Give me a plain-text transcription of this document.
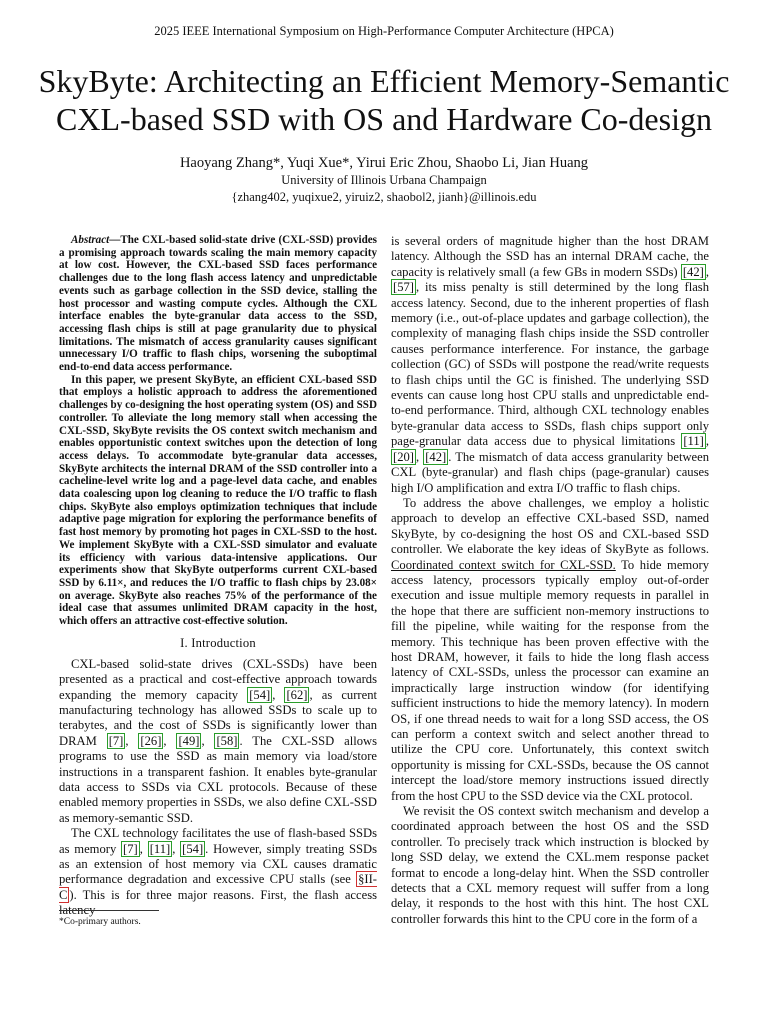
2025 IEEE International Symposium on High-Performance Computer Architecture (HPCA)
SkyByte: Architecting an Efficient Memory-Semantic
CXL-based SSD with OS and Hardware Co-design
Haoyang Zhang*, Yuqi Xue*, Yirui Eric Zhou, Shaobo Li, Jian Huang
University of Illinois Urbana Champaign
{zhang402, yuqixue2, yiruiz2, shaobol2, jianh}@illinois.edu

Abstract—The CXL-based solid-state drive (CXL-SSD) provides a promising approach towards scaling the main memory capacity at low cost. However, the CXL-based SSD faces performance challenges due to the long flash access latency and unpredictable events such as garbage collection in the SSD device, stalling the host processor and wasting compute cycles. Although the CXL interface enables the byte-granular data access to the SSD, accessing flash chips is still at page granularity due to physical limitations. The mismatch of access granularity causes significant unnecessary I/O traffic to flash chips, worsening the suboptimal end-to-end data access performance.

In this paper, we present SkyByte, an efficient CXL-based SSD that employs a holistic approach to address the aforementioned challenges by co-designing the host operating system (OS) and SSD controller. To alleviate the long memory stall when accessing the CXL-SSD, SkyByte revisits the OS context switch mechanism and enables opportunistic context switches upon the detection of long access delays. To accommodate byte-granular data accesses, SkyByte architects the internal DRAM of the SSD controller into a cacheline-level write log and a page-level data cache, and enables data coalescing upon log cleaning to reduce the I/O traffic to flash chips. SkyByte also employs optimization techniques that include adaptive page migration for exploring the performance benefits of fast host memory by promoting hot pages in CXL-SSD to the host. We implement SkyByte with a CXL-SSD simulator and evaluate its efficiency with various data-intensive applications. Our experiments show that SkyByte outperforms current CXL-based SSD by 6.11×, and reduces the I/O traffic to flash chips by 23.08× on average. SkyByte also reaches 75% of the performance of the ideal case that assumes unlimited DRAM capacity in the host, which offers an attractive cost-effective solution.

I. Introduction

CXL-based solid-state drives (CXL-SSDs) have been presented as a practical and cost-effective approach towards expanding the memory capacity [54] , [62] , as current manufacturing technology has allowed SSDs to scale up to terabytes, and the cost of SSDs is significantly lower than DRAM [7] , [26] , [49] , [58] . The CXL-SSD allows programs to use the SSD as main memory via load/store instructions in a transparent fashion. It enables byte-granular data access to SSDs via CXL protocols. Because of these enabled memory properties in SSDs, we also define CXL-SSD as memory-semantic SSD.

The CXL technology facilitates the use of flash-based SSDs as memory [7] , [11] , [54] . However, simply treating SSDs as an extension of host memory via CXL causes dramatic performance degradation and excessive CPU stalls (see §II-C ). This is for three major reasons. First, the flash access latency

*Co-primary authors.

is several orders of magnitude higher than the host DRAM latency. Although the SSD has an internal DRAM cache, the capacity is relatively small (a few GBs in modern SSDs) [42] , [57] , its miss penalty is still determined by the long flash access latency. Second, due to the inherent properties of flash memory (i.e., out-of-place updates and garbage collection), the complexity of managing flash chips inside the SSD controller causes performance interference. For instance, the garbage collection (GC) of SSDs will postpone the read/write requests to flash chips until the GC is finished. The underlying SSD events can cause long host CPU stalls and unpredictable end-to-end performance. Third, although CXL technology enables byte-granular data access to SSDs, flash chips support only page-granular data access due to physical limitations [11] , [20] , [42] . The mismatch of data access granularity between CXL (byte-granular) and flash chips (page-granular) causes high I/O amplification and extra I/O traffic to flash chips.

To address the above challenges, we employ a holistic approach to develop an effective CXL-based SSD, named SkyByte, by co-designing the host OS and CXL-based SSD controller. We elaborate the key ideas of SkyByte as follows. Coordinated context switch for CXL-SSD. To hide memory access latency, processors typically employ out-of-order execution and issue multiple memory requests in parallel in the hope that there are sufficient non-memory instructions to fill the pipeline, while waiting for the response from the memory. This technique has been proven effective with the host DRAM, however, it fails to hide the long flash access latency of CXL-SSDs, unless the processor can examine an impractically large instruction window (for identifying sufficient instructions to hide the memory latency). In modern OS, if one thread needs to wait for a long SSD access, the OS can perform a context switch and select another thread to utilize the CPU core. Unfortunately, this context switch opportunity is missing for CXL-SSDs, because the OS cannot intercept the load/store memory instructions issued directly from the host CPU to the SSD device via the CXL protocol.

We revisit the OS context switch mechanism and develop a coordinated approach between the host OS and the SSD controller. To precisely track which instruction is blocked by long SSD delay, we extend the CXL.mem response packet format to encode a long-delay hint. When the SSD controller detects that a CXL memory request will suffer from a long delay, it responds to the host with this hint. The host CXL controller forwards this hint to the CPU core in the form of a
